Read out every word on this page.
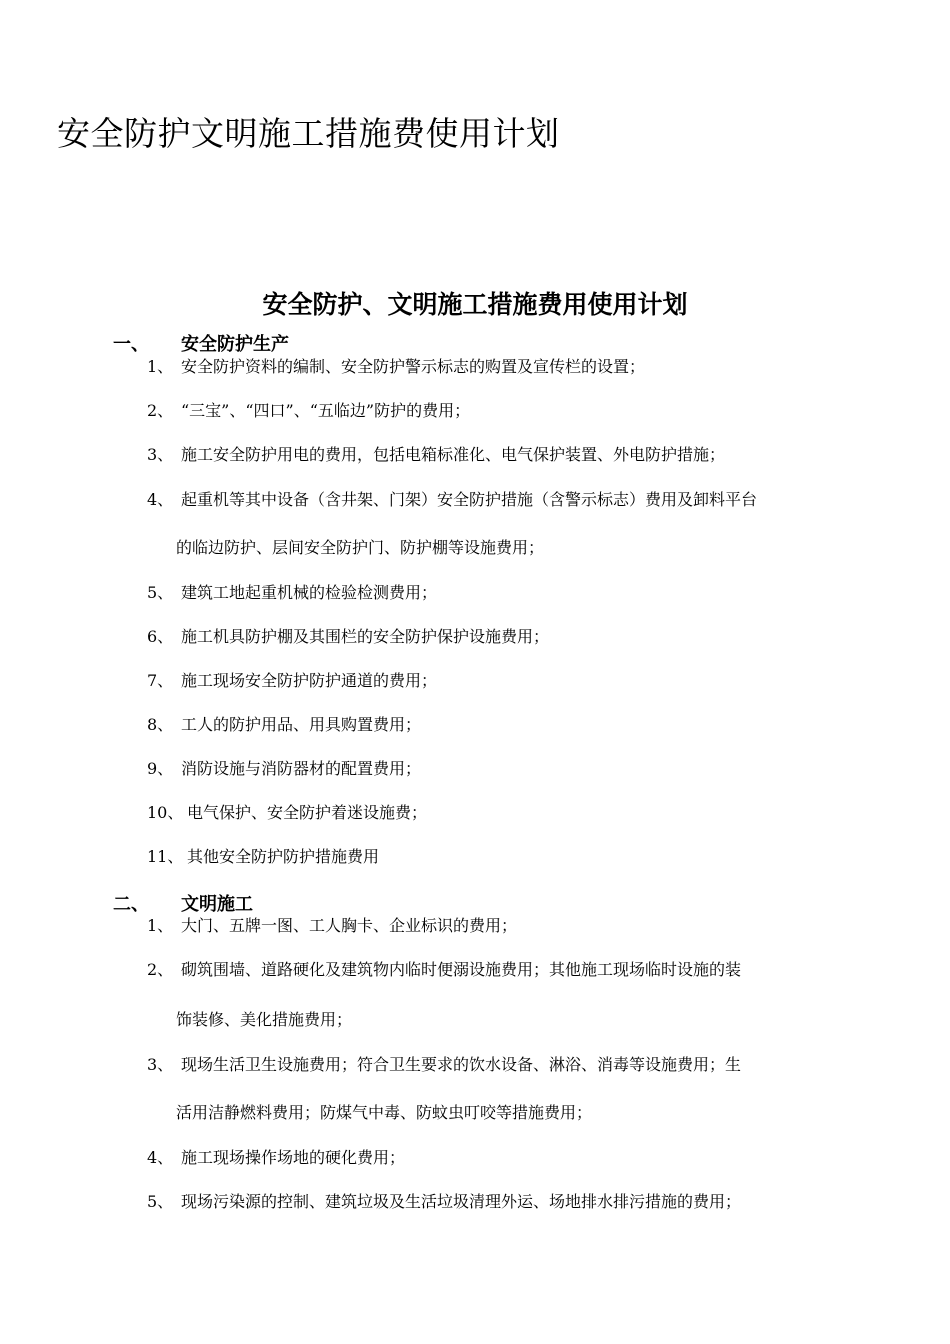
安全防护文明施工措施费使用计划
安全防护、文明施工措施费用使用计划
一、 安全防护生产
1、 安全防护资料的编制、安全防护警示标志的购置及宣传栏的设置；
2、 “三宝”、“四口”、“五临边”防护的费用；
3、 施工安全防护用电的费用，包括电箱标准化、电气保护装置、外电防护措施；
4、 起重机等其中设备（含井架、门架）安全防护措施（含警示标志）费用及卸料平台
的临边防护、层间安全防护门、防护棚等设施费用；
5、 建筑工地起重机械的检验检测费用；
6、 施工机具防护棚及其围栏的安全防护保护设施费用；
7、 施工现场安全防护防护通道的费用；
8、 工人的防护用品、用具购置费用；
9、 消防设施与消防器材的配置费用；
10、 电气保护、安全防护着迷设施费；
11、 其他安全防护防护措施费用
二、 文明施工
1、 大门、五牌一图、工人胸卡、企业标识的费用；
2、 砌筑围墙、道路硬化及建筑物内临时便溺设施费用；其他施工现场临时设施的装
饰装修、美化措施费用；
3、 现场生活卫生设施费用；符合卫生要求的饮水设备、淋浴、消毒等设施费用；生
活用洁静燃料费用；防煤气中毒、防蚊虫叮咬等措施费用；
4、 施工现场操作场地的硬化费用；
5、 现场污染源的控制、建筑垃圾及生活垃圾清理外运、场地排水排污措施的费用；
